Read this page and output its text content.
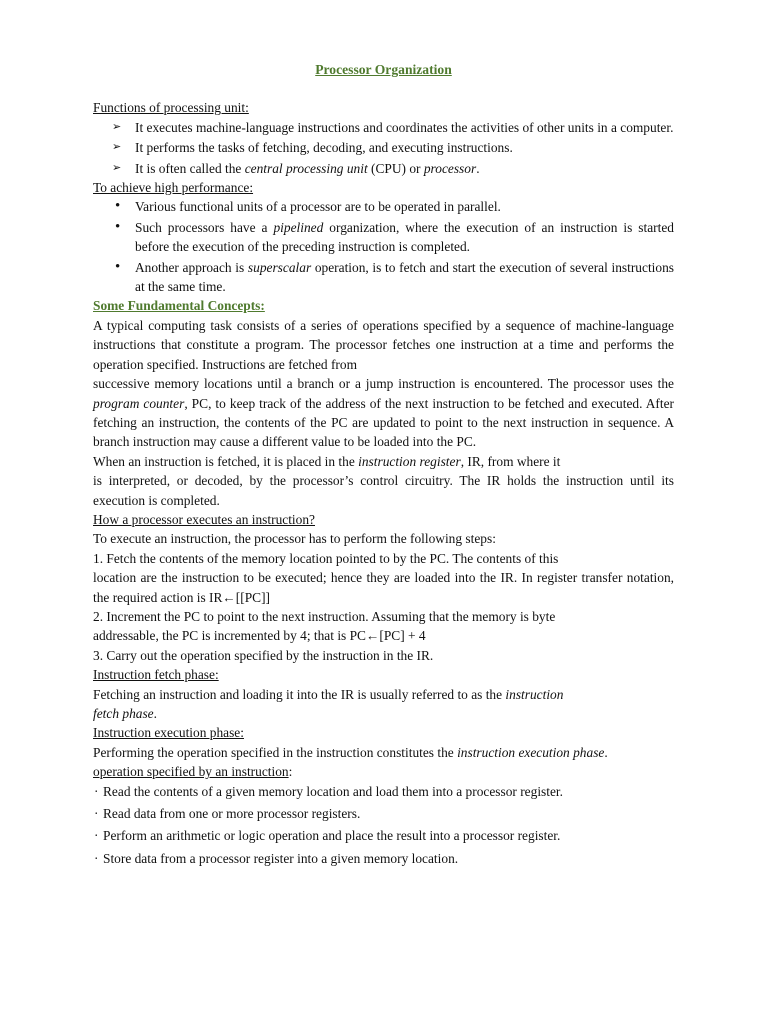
Processor Organization
Functions of processing unit:
➢ It executes machine-language instructions and coordinates the activities of other units in a computer.
➢ It performs the tasks of fetching, decoding, and executing instructions.
➢ It is often called the central processing unit (CPU) or processor.
To achieve high performance:
• Various functional units of a processor are to be operated in parallel.
• Such processors have a pipelined organization, where the execution of an instruction is started before the execution of the preceding instruction is completed.
• Another approach is superscalar operation, is to fetch and start the execution of several instructions at the same time.
Some Fundamental Concepts:

A typical computing task consists of a series of operations specified by a sequence of machine-language instructions that constitute a program. The processor fetches one instruction at a time and performs the operation specified. Instructions are fetched from

successive memory locations until a branch or a jump instruction is encountered. The processor uses the program counter, PC, to keep track of the address of the next instruction to be fetched and executed. After fetching an instruction, the contents of the PC are updated to point to the next instruction in sequence. A branch instruction may cause a different value to be loaded into the PC.

When an instruction is fetched, it is placed in the instruction register, IR, from where it

is interpreted, or decoded, by the processor’s control circuitry. The IR holds the instruction until its execution is completed.

How a processor executes an instruction?

To execute an instruction, the processor has to perform the following steps:

1. Fetch the contents of the memory location pointed to by the PC. The contents of this

location are the instruction to be executed; hence they are loaded into the IR. In register transfer notation, the required action is IR←[[PC]]

2. Increment the PC to point to the next instruction. Assuming that the memory is byte

addressable, the PC is incremented by 4; that is PC←[PC] + 4

3. Carry out the operation specified by the instruction in the IR.

Instruction fetch phase:

Fetching an instruction and loading it into the IR is usually referred to as the instruction
fetch phase.

Instruction execution phase:

Performing the operation specified in the instruction constitutes the instruction execution phase.

operation specified by an instruction:
· Read the contents of a given memory location and load them into a processor register.
· Read data from one or more processor registers.
· Perform an arithmetic or logic operation and place the result into a processor register.
· Store data from a processor register into a given memory location.
